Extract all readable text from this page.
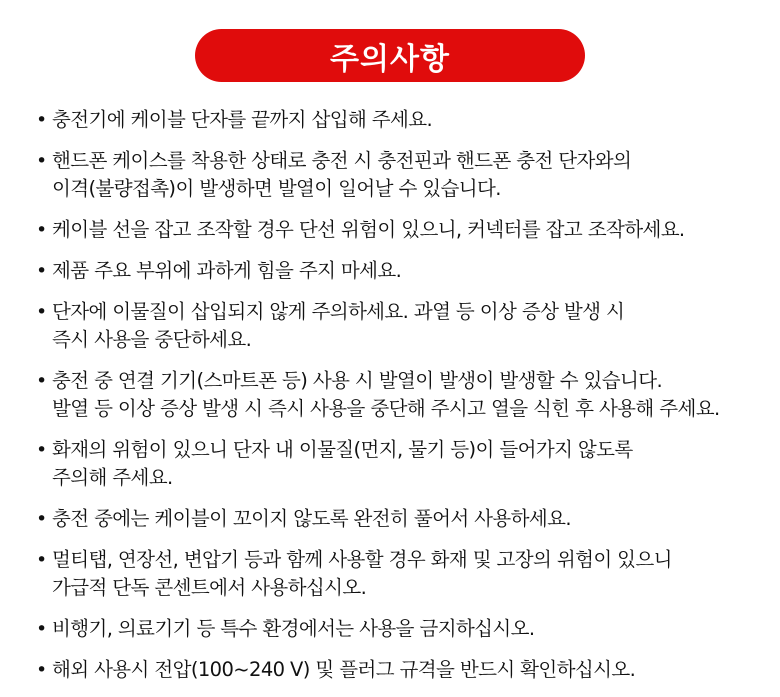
주의사항
• 충전기에 케이블 단자를 끝까지 삽입해 주세요.
• 핸드폰 케이스를 착용한 상태로 충전 시 충전핀과 핸드폰 충전 단자와의
이격(불량접촉)이 발생하면 발열이 일어날 수 있습니다.
• 케이블 선을 잡고 조작할 경우 단선 위험이 있으니, 커넥터를 잡고 조작하세요.
• 제품 주요 부위에 과하게 힘을 주지 마세요.
• 단자에 이물질이 삽입되지 않게 주의하세요. 과열 등 이상 증상 발생 시
즉시 사용을 중단하세요.
• 충전 중 연결 기기(스마트폰 등) 사용 시 발열이 발생이 발생할 수 있습니다.
발열 등 이상 증상 발생 시 즉시 사용을 중단해 주시고 열을 식힌 후 사용해 주세요.
• 화재의 위험이 있으니 단자 내 이물질(먼지, 물기 등)이 들어가지 않도록
주의해 주세요.
• 충전 중에는 케이블이 꼬이지 않도록 완전히 풀어서 사용하세요.
• 멀티탭, 연장선, 변압기 등과 함께 사용할 경우 화재 및 고장의 위험이 있으니
가급적 단독 콘센트에서 사용하십시오.
• 비행기, 의료기기 등 특수 환경에서는 사용을 금지하십시오.
• 해외 사용시 전압(100~240 V) 및 플러그 규격을 반드시 확인하십시오.
